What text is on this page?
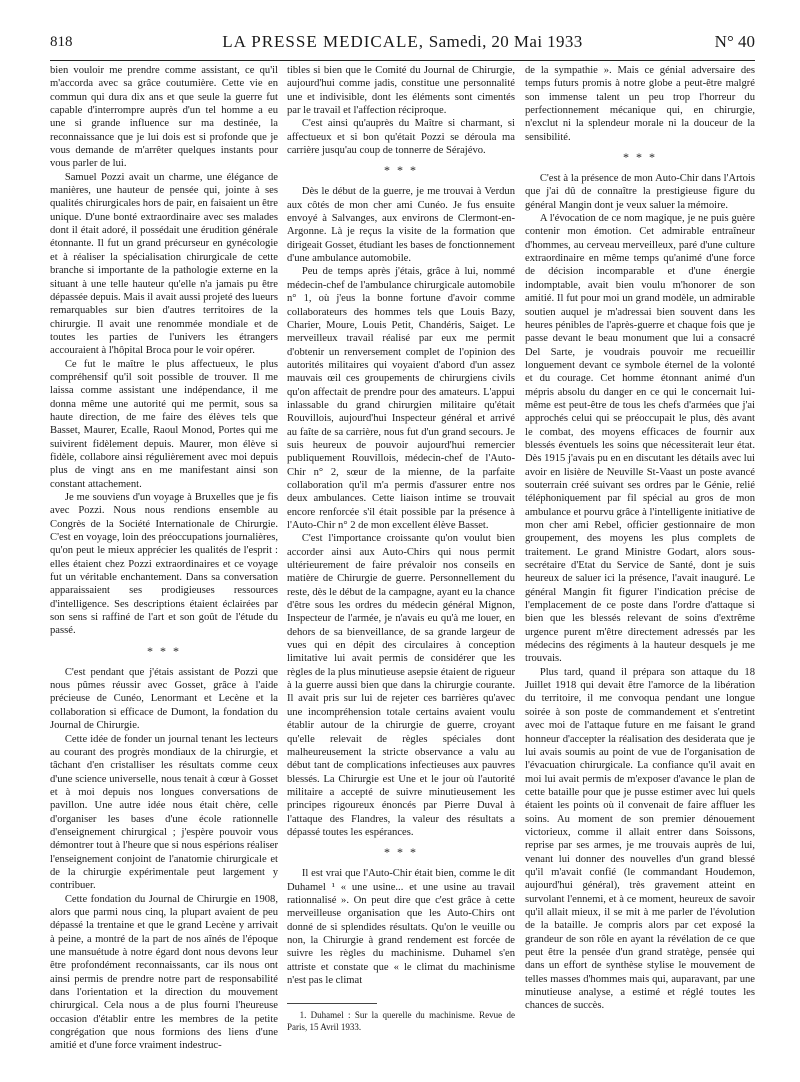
818	LA PRESSE MEDICALE, Samedi, 20 Mai 1933	N° 40

bien vouloir me prendre comme assistant, ce qu'il m'accorda avec sa grâce coutumière. Cette vie en commun qui dura dix ans et que seule la guerre fut capable d'interrompre auprès d'un tel homme a eu une si grande influence sur ma destinée, la reconnaissance que je lui dois est si profonde que je vous demande de m'arrêter quelques instants pour vous parler de lui.

Samuel Pozzi avait un charme, une élégance de manières, une hauteur de pensée qui, jointe à ses qualités chirurgicales hors de pair, en faisaient un être unique. D'une bonté extraordinaire avec ses malades dont il était adoré, il possédait une érudition générale étonnante. Il fut un grand précurseur en gynécologie et à réaliser la spécialisation chirurgicale de cette branche si importante de la pathologie externe en la situant à une telle hauteur qu'elle n'a jamais pu être dépassée depuis. Mais il avait aussi projeté des lueurs remarquables sur bien d'autres territoires de la chirurgie. Il avait une renommée mondiale et de toutes les parties de l'univers les étrangers accouraient à l'hôpital Broca pour le voir opérer.

Ce fut le maître le plus affectueux, le plus compréhensif qu'il soit possible de trouver. Il me laissa comme assistant une indépendance, il me donna même une autorité qui me permit, sous sa haute direction, de me faire des élèves tels que Basset, Maurer, Ecalle, Raoul Monod, Portes qui me suivirent fidèlement depuis. Maurer, mon élève si fidèle, collabore ainsi régulièrement avec moi depuis plus de vingt ans en me manifestant ainsi son constant attachement.

Je me souviens d'un voyage à Bruxelles que je fis avec Pozzi. Nous nous rendions ensemble au Congrès de la Société Internationale de Chirurgie. C'est en voyage, loin des préoccupations journalières, qu'on peut le mieux apprécier les qualités de l'esprit : elles étaient chez Pozzi extraordinaires et ce voyage fut un véritable enchantement. Dans sa conversation apparaissaient ses prodigieuses ressources d'intelligence. Ses descriptions étaient éclairées par son sens si raffiné de l'art et son goût de l'étude du passé.

* * *

C'est pendant que j'étais assistant de Pozzi que nous pûmes réussir avec Gosset, grâce à l'aide précieuse de Cunéo, Lenormant et Lecène et la collaboration si efficace de Dumont, la fondation du Journal de Chirurgie.

Cette idée de fonder un journal tenant les lecteurs au courant des progrès mondiaux de la chirurgie, et tâchant d'en cristalliser les résultats comme ceux d'une science universelle, nous tenait à cœur à Gosset et à moi depuis nos longues conversations de pavillon. Une autre idée nous était chère, celle d'organiser les bases d'une école rationnelle d'enseignement chirurgical ; j'espère pouvoir vous démontrer tout à l'heure que si nous espérions réaliser l'enseignement conjoint de l'anatomie chirurgicale et de la chirurgie expérimentale peut largement y contribuer.

Cette fondation du Journal de Chirurgie en 1908, alors que parmi nous cinq, la plupart avaient de peu dépassé la trentaine et que le grand Lecène y arrivait à peine, a montré de la part de nos aînés de l'époque une mansuétude à notre égard dont nous devons leur être profondément reconnaissants, car ils nous ont ainsi permis de prendre notre part de responsabilité dans l'orientation et la direction du mouvement chirurgical. Cela nous a de plus fourni l'heureuse occasion d'établir entre les membres de la petite congrégation que nous formions des liens d'une amitié et d'une force vraiment indestruc-

tibles si bien que le Comité du Journal de Chirurgie, aujourd'hui comme jadis, constitue une personnalité une et indivisible, dont les éléments sont cimentés par le travail et l'affection réciproque.

C'est ainsi qu'auprès du Maître si charmant, si affectueux et si bon qu'était Pozzi se déroula ma carrière jusqu'au coup de tonnerre de Sérajévo.

* * *

Dès le début de la guerre, je me trouvai à Verdun aux côtés de mon cher ami Cunéo. Je fus ensuite envoyé à Salvanges, aux environs de Clermont-en-Argonne. Là je reçus la visite de la formation que dirigeait Gosset, étudiant les bases de fonctionnement d'une ambulance automobile.

Peu de temps après j'étais, grâce à lui, nommé médecin-chef de l'ambulance chirurgicale automobile n° 1, où j'eus la bonne fortune d'avoir comme collaborateurs des hommes tels que Louis Bazy, Charier, Moure, Louis Petit, Chandéris, Saiget. Le merveilleux travail réalisé par eux me permit d'obtenir un renversement complet de l'opinion des autorités militaires qui voyaient d'abord d'un assez mauvais œil ces groupements de chirurgiens civils qu'on affectait de prendre pour des amateurs. L'appui inlassable du grand chirurgien militaire qu'était Rouvillois, aujourd'hui Inspecteur général et arrivé au faîte de sa carrière, nous fut d'un grand secours. Je suis heureux de pouvoir aujourd'hui remercier publiquement Rouvillois, médecin-chef de l'Auto-Chir n° 2, sœur de la mienne, de la parfaite collaboration qu'il m'a permis d'assurer entre nos deux ambulances. Cette liaison intime se trouvait encore renforcée s'il était possible par la présence à l'Auto-Chir n° 2 de mon excellent élève Basset.

C'est l'importance croissante qu'on voulut bien accorder ainsi aux Auto-Chirs qui nous permit ultérieurement de faire prévaloir nos conseils en matière de Chirurgie de guerre. Personnellement du reste, dès le début de la campagne, ayant eu la chance d'être sous les ordres du médecin général Mignon, Inspecteur de l'armée, je n'avais eu qu'à me louer, en dehors de sa bienveillance, de sa grande largeur de vues qui en dépit des circulaires à conception limitative lui avait permis de considérer que les règles de la plus minutieuse asepsie étaient de rigueur à la guerre aussi bien que dans la chirurgie courante. Il avait pris sur lui de rejeter ces barrières qu'avec une incompréhension totale certains avaient voulu établir autour de la chirurgie de guerre, croyant qu'elle relevait de règles spéciales dont malheureusement la stricte observance a valu au début tant de complications infectieuses aux pauvres blessés. La Chirurgie est Une et le jour où l'autorité militaire a accepté de suivre minutieusement les principes rigoureux énoncés par Pierre Duval à l'attaque des Flandres, la valeur des résultats a dépassé toutes les espérances.

* * *

Il est vrai que l'Auto-Chir était bien, comme le dit Duhamel ¹ « une usine... et une usine au travail rationnalisé ». On peut dire que c'est grâce à cette merveilleuse organisation que les Auto-Chirs ont donné de si splendides résultats. Qu'on le veuille ou non, la Chirurgie à grand rendement est forcée de suivre les règles du machinisme. Duhamel s'en attriste et constate que « le climat du machinisme n'est pas le climat

1. Duhamel : Sur la querelle du machinisme. Revue de Paris, 15 Avril 1933.

de la sympathie ». Mais ce génial adversaire des temps futurs promis à notre globe a peut-être malgré son immense talent un peu trop l'horreur du perfectionnement mécanique qui, en chirurgie, n'exclut ni la splendeur morale ni la douceur de la sensibilité.

* * *

C'est à la présence de mon Auto-Chir dans l'Artois que j'ai dû de connaître la prestigieuse figure du général Mangin dont je veux saluer la mémoire.

A l'évocation de ce nom magique, je ne puis guère contenir mon émotion. Cet admirable entraîneur d'hommes, au cerveau merveilleux, paré d'une culture extraordinaire en même temps qu'animé d'une force de décision incomparable et d'une énergie indomptable, avait bien voulu m'honorer de son amitié. Il fut pour moi un grand modèle, un admirable soutien auquel je m'adressai bien souvent dans les heures pénibles de l'après-guerre et chaque fois que je passe devant le beau monument que lui a consacré Del Sarte, je voudrais pouvoir me recueillir longuement devant ce symbole éternel de la volonté et du courage. Cet homme étonnant animé d'un mépris absolu du danger en ce qui le concernait lui-même est peut-être de tous les chefs d'armées que j'ai approchés celui qui se préoccupait le plus, dès avant le combat, des moyens efficaces de fournir aux blessés éventuels les soins que nécessiterait leur état. Dès 1915 j'avais pu en en discutant les détails avec lui avoir en lisière de Neuville St-Vaast un poste avancé souterrain créé suivant ses ordres par le Génie, relié téléphoniquement par fil spécial au gros de mon ambulance et pourvu grâce à l'intelligente initiative de mon cher ami Rebel, officier gestionnaire de mon groupement, des moyens les plus complets de traitement. Le grand Ministre Godart, alors sous-secrétaire d'Etat du Service de Santé, dont je suis heureux de saluer ici la présence, l'avait inauguré. Le général Mangin fit figurer l'indication précise de l'emplacement de ce poste dans l'ordre d'attaque si bien que les blessés relevant de soins d'extrême urgence purent m'être directement adressés par les médecins des régiments à la hauteur desquels je me trouvais.

Plus tard, quand il prépara son attaque du 18 Juillet 1918 qui devait être l'amorce de la libération du territoire, il me convoqua pendant une longue soirée à son poste de commandement et s'entretint avec moi de l'attaque future en me faisant le grand honneur d'accepter la réalisation des desiderata que je lui avais soumis au point de vue de l'organisation de l'évacuation chirurgicale. La confiance qu'il avait en moi lui avait permis de m'exposer d'avance le plan de cette bataille pour que je pusse estimer avec lui quels étaient les points où il convenait de faire affluer les soins. Au moment de son premier dénouement victorieux, comme il allait entrer dans Soissons, reprise par ses armes, je me trouvais auprès de lui, venant lui donner des nouvelles d'un grand blessé qu'il m'avait confié (le commandant Houdemon, aujourd'hui général), très gravement atteint en survolant l'ennemi, et à ce moment, heureux de savoir qu'il allait mieux, il se mit à me parler de l'évolution de la bataille. Je compris alors par cet exposé la grandeur de son rôle en ayant la révélation de ce que peut être la pensée d'un grand stratège, pensée qui dans un effort de synthèse stylise le mouvement de telles masses d'hommes mais qui, auparavant, par une minutieuse analyse, a estimé et réglé toutes les chances de succès.
